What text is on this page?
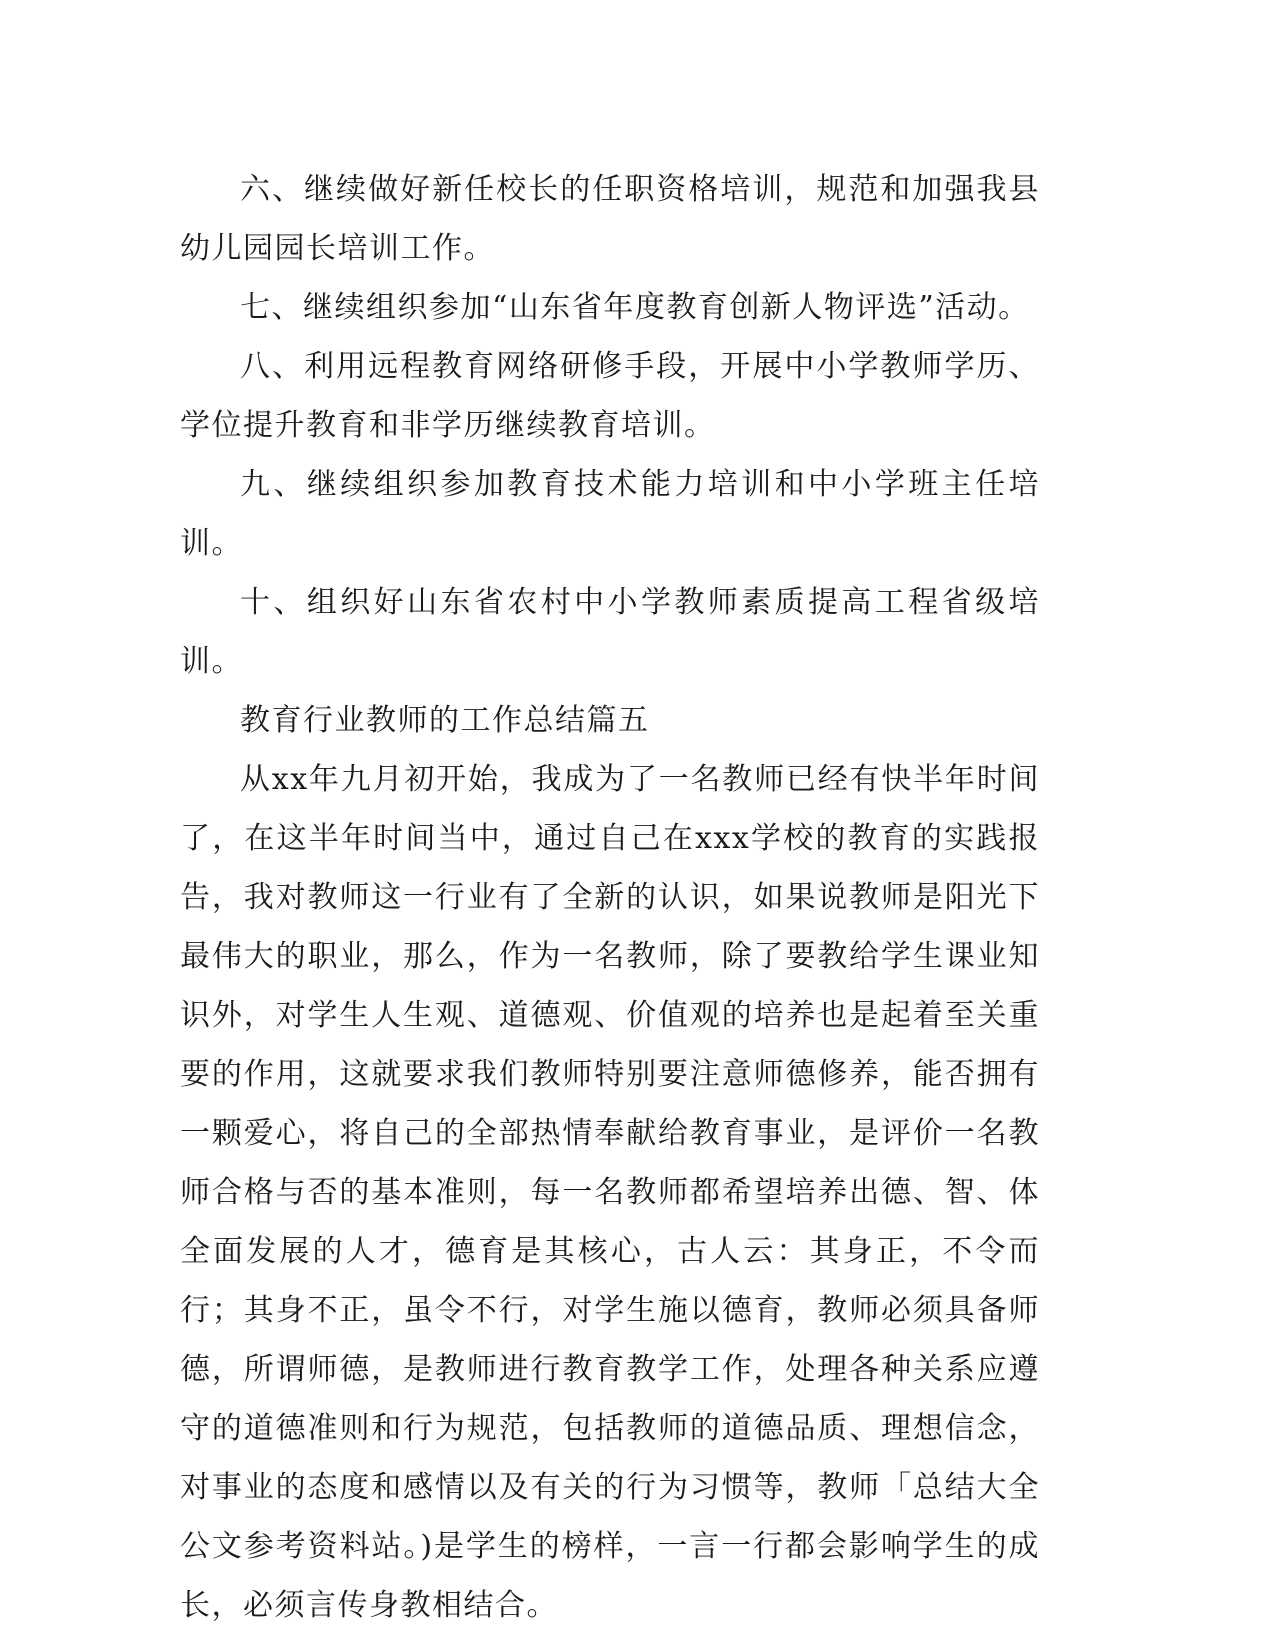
六、继续做好新任校长的任职资格培训，规范和加强我县幼儿园园长培训工作。

七、继续组织参加“山东省年度教育创新人物评选”活动。

八、利用远程教育网络研修手段，开展中小学教师学历、学位提升教育和非学历继续教育培训。

九、继续组织参加教育技术能力培训和中小学班主任培训。

十、组织好山东省农村中小学教师素质提高工程省级培训。

教育行业教师的工作总结篇五

从xx年九月初开始，我成为了一名教师已经有快半年时间了，在这半年时间当中，通过自己在xxx学校的教育的实践报告，我对教师这一行业有了全新的认识，如果说教师是阳光下最伟大的职业，那么，作为一名教师，除了要教给学生课业知识外，对学生人生观、道德观、价值观的培养也是起着至关重要的作用，这就要求我们教师特别要注意师德修养，能否拥有一颗爱心，将自己的全部热情奉献给教育事业，是评价一名教师合格与否的基本准则，每一名教师都希望培养出德、智、体全面发展的人才，德育是其核心，古人云：其身正，不令而行；其身不正，虽令不行，对学生施以德育，教师必须具备师德，所谓师德，是教师进行教育教学工作，处理各种关系应遵守的道德准则和行为规范，包括教师的道德品质、理想信念，对事业的态度和感情以及有关的行为习惯等，教师「总结大全公文参考资料站。)是学生的榜样，一言一行都会影响学生的成长，必须言传身教相结合。
